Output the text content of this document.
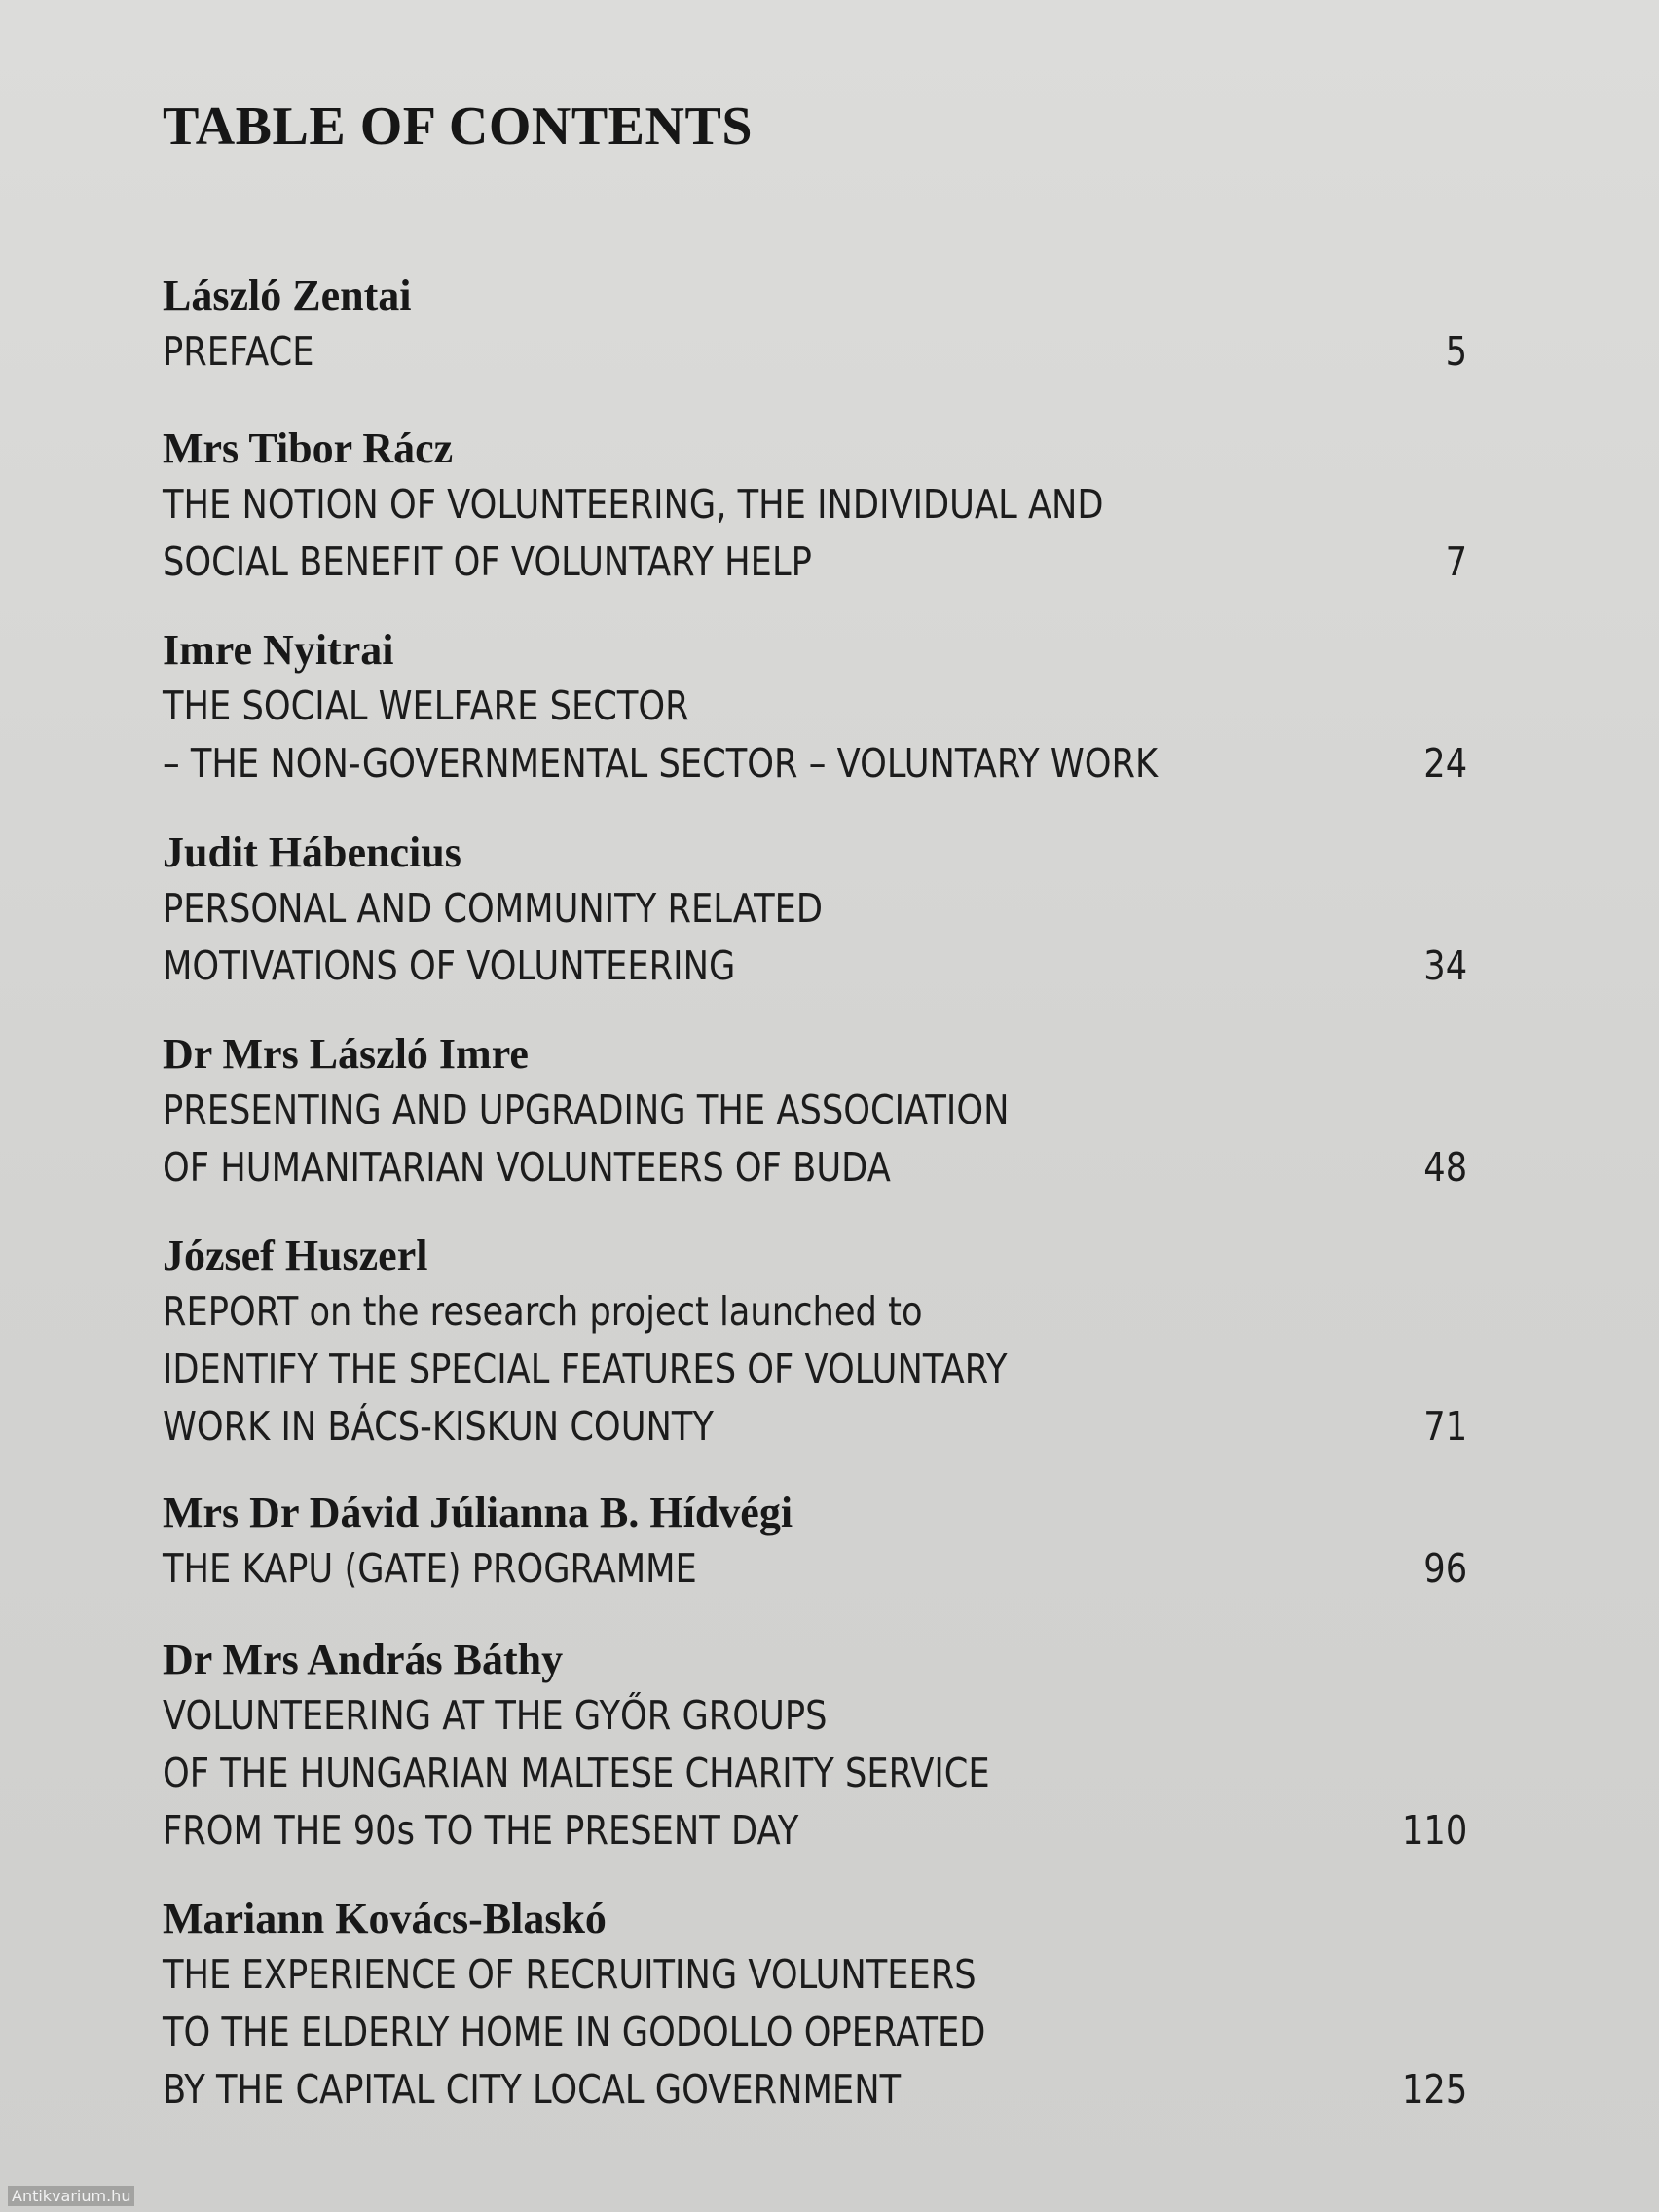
TABLE OF CONTENTS
László Zentai
PREFACE	5
Mrs Tibor Rácz
THE NOTION OF VOLUNTEERING, THE INDIVIDUAL AND
SOCIAL BENEFIT OF VOLUNTARY HELP	7
Imre Nyitrai
THE SOCIAL WELFARE SECTOR
– THE NON-GOVERNMENTAL SECTOR – VOLUNTARY WORK	24
Judit Hábencius
PERSONAL AND COMMUNITY RELATED
MOTIVATIONS OF VOLUNTEERING	34
Dr Mrs László Imre
PRESENTING AND UPGRADING THE ASSOCIATION
OF HUMANITARIAN VOLUNTEERS OF BUDA	48
József Huszerl
REPORT on the research project launched to
IDENTIFY THE SPECIAL FEATURES OF VOLUNTARY
WORK IN BÁCS-KISKUN COUNTY	71
Mrs Dr Dávid Júlianna B. Hídvégi
THE KAPU (GATE) PROGRAMME	96
Dr Mrs András Báthy
VOLUNTEERING AT THE GYŐR GROUPS
OF THE HUNGARIAN MALTESE CHARITY SERVICE
FROM THE 90s TO THE PRESENT DAY	110
Mariann Kovács-Blaskó
THE EXPERIENCE OF RECRUITING VOLUNTEERS
TO THE ELDERLY HOME IN GODOLLO OPERATED
BY THE CAPITAL CITY LOCAL GOVERNMENT	125
Antikvarium.hu
